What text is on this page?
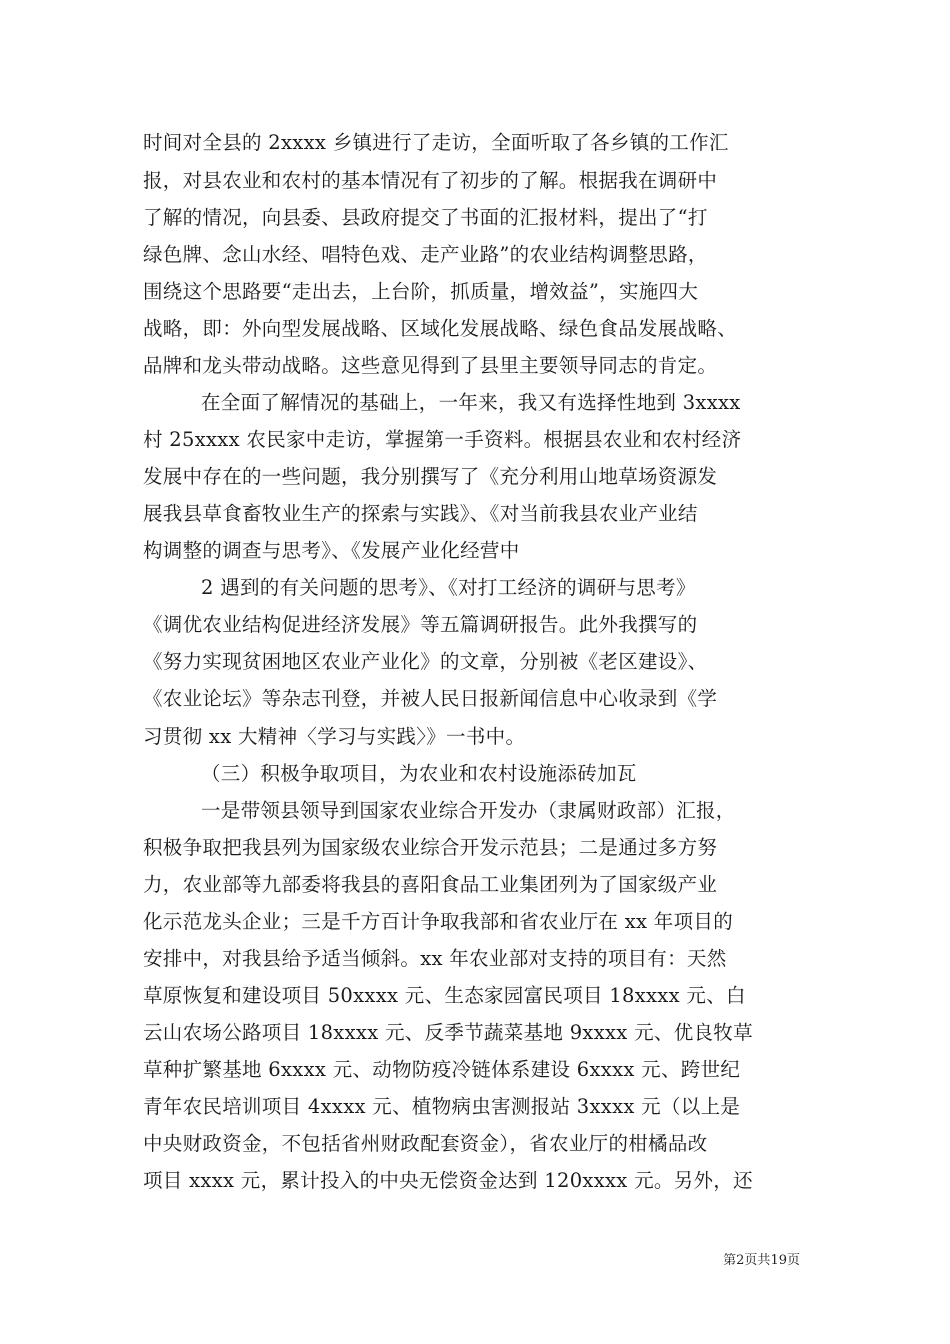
时间对全县的 2xxxx 乡镇进行了走访，全面听取了各乡镇的工作汇
报，对县农业和农村的基本情况有了初步的了解。根据我在调研中
了解的情况，向县委、县政府提交了书面的汇报材料，提出了“打
绿色牌、念山水经、唱特色戏、走产业路”的农业结构调整思路，
围绕这个思路要“走出去，上台阶，抓质量，增效益”，实施四大
战略，即：外向型发展战略、区域化发展战略、绿色食品发展战略、
品牌和龙头带动战略。这些意见得到了县里主要领导同志的肯定。
在全面了解情况的基础上，一年来，我又有选择性地到 3xxxx
村 25xxxx 农民家中走访，掌握第一手资料。根据县农业和农村经济
发展中存在的一些问题，我分别撰写了《充分利用山地草场资源发
展我县草食畜牧业生产的探索与实践》、《对当前我县农业产业结
构调整的调查与思考》、《发展产业化经营中
2 遇到的有关问题的思考》、《对打工经济的调研与思考》
《调优农业结构促进经济发展》等五篇调研报告。此外我撰写的
《努力实现贫困地区农业产业化》的文章，分别被《老区建设》、
《农业论坛》等杂志刊登，并被人民日报新闻信息中心收录到《学
习贯彻 xx 大精神〈学习与实践〉》一书中。
（三）积极争取项目，为农业和农村设施添砖加瓦
一是带领县领导到国家农业综合开发办（隶属财政部）汇报，
积极争取把我县列为国家级农业综合开发示范县；二是通过多方努
力，农业部等九部委将我县的喜阳食品工业集团列为了国家级产业
化示范龙头企业；三是千方百计争取我部和省农业厅在 xx 年项目的
安排中，对我县给予适当倾斜。xx 年农业部对支持的项目有：天然
草原恢复和建设项目 50xxxx 元、生态家园富民项目 18xxxx 元、白
云山农场公路项目 18xxxx 元、反季节蔬菜基地 9xxxx 元、优良牧草
草种扩繁基地 6xxxx 元、动物防疫冷链体系建设 6xxxx 元、跨世纪
青年农民培训项目 4xxxx 元、植物病虫害测报站 3xxxx 元（以上是
中央财政资金，不包括省州财政配套资金），省农业厅的柑橘品改
项目 xxxx 元，累计投入的中央无偿资金达到 120xxxx 元。另外，还
第2页共19页
